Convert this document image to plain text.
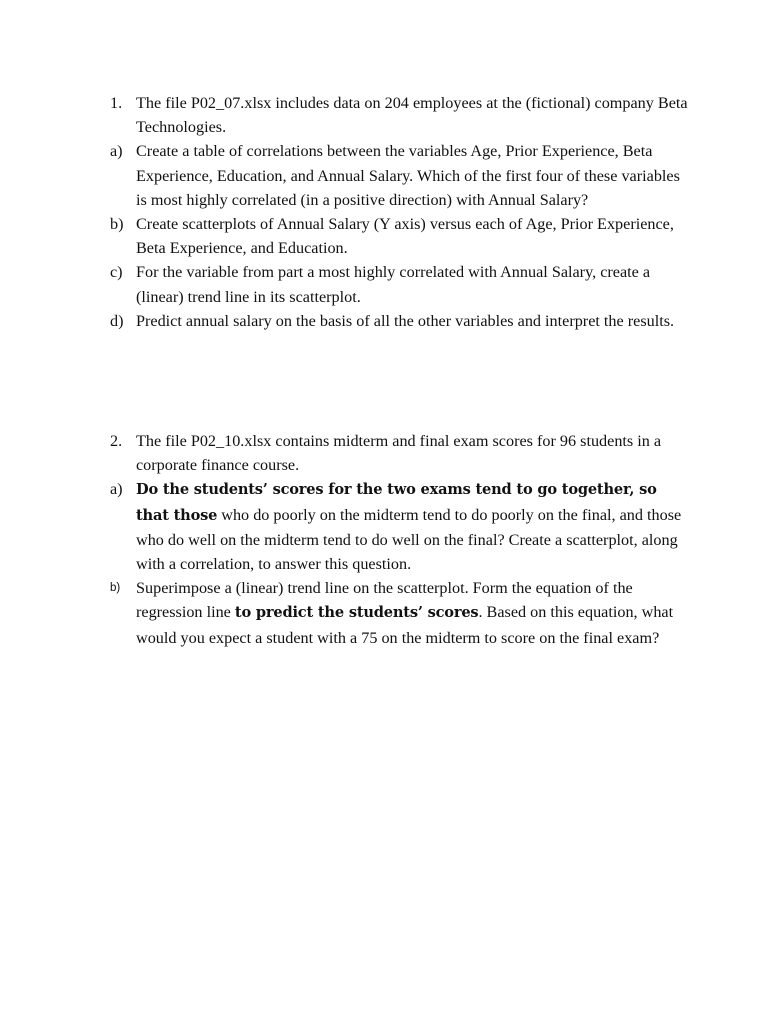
1. The file P02_07.xlsx includes data on 204 employees at the (fictional) company Beta Technologies.
a) Create a table of correlations between the variables Age, Prior Experience, Beta Experience, Education, and Annual Salary. Which of the first four of these variables is most highly correlated (in a positive direction) with Annual Salary?
b) Create scatterplots of Annual Salary (Y axis) versus each of Age, Prior Experience, Beta Experience, and Education.
c) For the variable from part a most highly correlated with Annual Salary, create a (linear) trend line in its scatterplot.
d) Predict annual salary on the basis of all the other variables and interpret the results.
2. The file P02_10.xlsx contains midterm and final exam scores for 96 students in a corporate finance course.
a) Do the students’ scores for the two exams tend to go together, so that those who do poorly on the midterm tend to do poorly on the final, and those who do well on the midterm tend to do well on the final? Create a scatterplot, along with a correlation, to answer this question.
b) Superimpose a (linear) trend line on the scatterplot. Form the equation of the regression line to predict the students’ scores. Based on this equation, what would you expect a student with a 75 on the midterm to score on the final exam?
